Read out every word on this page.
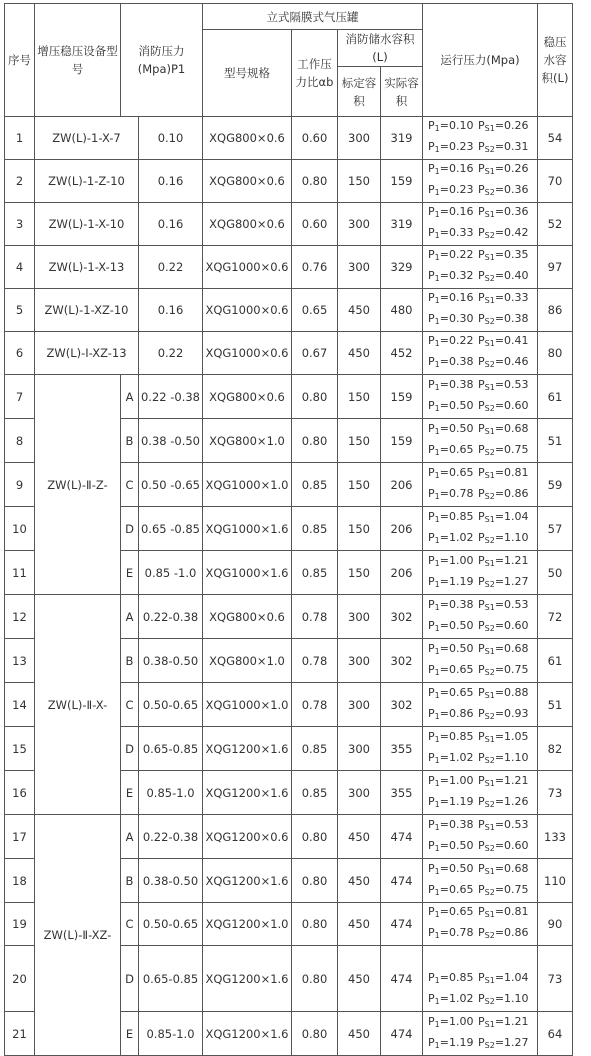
序号	增压稳压设备型号	消防压力(Mpa)P1		立式隔膜式气压罐				运行压力(Mpa)	稳压水容积(L)
				型号规格	工作压力比αb	消防储水容积(L)			
						标定容积	实际容积		
1	ZW(L)-1-X-7		0.10	XQG800×0.6	0.60	300	319	$P_1=0.10$ $P_{S1}=0.26$
$P_1=0.23$ $P_{S2}=0.31$	54
2	ZW(L)-1-Z-10		0.16	XQG800×0.6	0.80	150	159	$P_1=0.16$ $P_{S1}=0.26$
$P_1=0.23$ $P_{S2}=0.36$	70
3	ZW(L)-1-X-10		0.16	XQG800×0.6	0.60	300	319	$P_1=0.16$ $P_{S1}=0.36$
$P_1=0.33$ $P_{S2}=0.42$	52
4	ZW(L)-1-X-13		0.22	XQG1000×0.6	0.76	300	329	$P_1=0.22$ $P_{S1}=0.35$
$P_1=0.32$ $P_{S2}=0.40$	97
5	ZW(L)-1-XZ-10		0.16	XQG1000×0.6	0.65	450	480	$P_1=0.16$ $P_{S1}=0.33$
$P_1=0.30$ $P_{S2}=0.38$	86
6	ZW(L)-Ⅰ-XZ-13		0.22	XQG1000×0.6	0.67	450	452	$P_1=0.22$ $P_{S1}=0.41$
$P_1=0.38$ $P_{S2}=0.46$	80
7	ZW(L)-Ⅱ-Z-	A	0.22 -0.38	XQG800×0.6	0.80	150	159	$P_1=0.38$ $P_{S1}=0.53$
$P_1=0.50$ $P_{S2}=0.60$	61
8		B	0.38 -0.50	XQG800×1.0	0.80	150	159	$P_1=0.50$ $P_{S1}=0.68$
$P_1=0.65$ $P_{S2}=0.75$	51
9		C	0.50 -0.65	XQG1000×1.0	0.85	150	206	$P_1=0.65$ $P_{S1}=0.81$
$P_1=0.78$ $P_{S2}=0.86$	59
10		D	0.65 -0.85	XQG1000×1.6	0.85	150	206	$P_1=0.85$ $P_{S1}=1.04$
$P_1=1.02$ $P_{S2}=1.10$	57
11		E	0.85 -1.0	XQG1000×1.6	0.85	150	206	$P_1=1.00$ $P_{S1}=1.21$
$P_1=1.19$ $P_{S2}=1.27$	50
12	ZW(L)-Ⅱ-X-	A	0.22-0.38	XQG800×0.6	0.78	300	302	$P_1=0.38$ $P_{S1}=0.53$
$P_1=0.50$ $P_{S2}=0.60$	72
13		B	0.38-0.50	XQG800×1.0	0.78	300	302	$P_1=0.50$ $P_{S1}=0.68$
$P_1=0.65$ $P_{S2}=0.75$	61
14		C	0.50-0.65	XQG1000×1.0	0.78	300	302	$P_1=0.65$ $P_{S1}=0.88$
$P_1=0.86$ $P_{S2}=0.93$	51
15		D	0.65-0.85	XQG1200×1.6	0.85	300	355	$P_1=0.85$ $P_{S1}=1.05$
$P_1=1.02$ $P_{S2}=1.10$	82
16		E	0.85-1.0	XQG1200×1.6	0.85	300	355	$P_1=1.00$ $P_{S1}=1.21$
$P_1=1.19$ $P_{S2}=1.26$	73
17	ZW(L)-Ⅱ-XZ-	A	0.22-0.38	XQG1200×0.6	0.80	450	474	$P_1=0.38$ $P_{S1}=0.53$
$P_1=0.50$ $P_{S2}=0.60$	133
18		B	0.38-0.50	XQG1200×1.6	0.80	450	474	$P_1=0.50$ $P_{S1}=0.68$
$P_1=0.65$ $P_{S2}=0.75$	110
19		C	0.50-0.65	XQG1200×1.0	0.80	450	474	$P_1=0.65$ $P_{S1}=0.81$
$P_1=0.78$ $P_{S2}=0.86$	90
20		D	0.65-0.85	XQG1200×1.6	0.80	450	474	$P_1=0.85$ $P_{S1}=1.04$
$P_1=1.02$ $P_{S2}=1.10$	73
21		E	0.85-1.0	XQG1200×1.6	0.80	450	474	$P_1=1.00$ $P_{S1}=1.21$
$P_1=1.19$ $P_{S2}=1.27$	64
